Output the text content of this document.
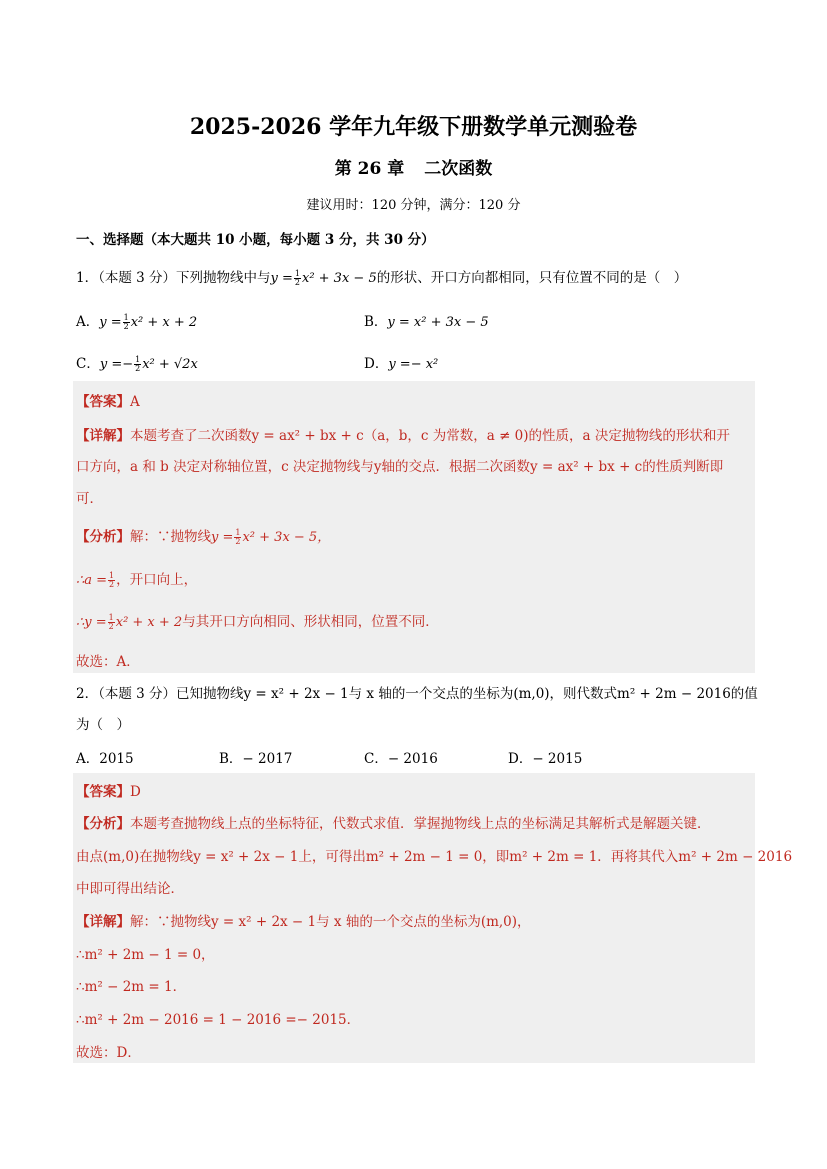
2025-2026 学年九年级下册数学单元测验卷
第 26 章 二次函数
建议用时：120 分钟，满分：120 分
一、选择题（本大题共 10 小题，每小题 3 分，共 30 分）
1．（本题 3 分）下列抛物线中与$y = \frac{1}{2} x^2 + 3x - 5$的形状、开口方向都相同，只有位置不同的是（　）
A．$y = \frac{1}{2} x^2 + x + 2$	B．y = x² + 3x − 5
C．$y =- \frac{1}{2} x^2 + √2x$	D．y =− x²
【答案】A
【详解】本题考查了二次函数y = ax² + bx + c（a，b，c 为常数，a ≠ 0)的性质，a 决定抛物线的形状和开
口方向，a 和 b 决定对称轴位置，c 决定抛物线与y轴的交点．根据二次函数y = ax² + bx + c的性质判断即
可．
【分析】解：∵抛物线$y = \frac{1}{2} x^2 + 3x - 5$，
∴a = $\frac{1}{2}$ ，开口向上，
∴y = $\frac{1}{2} x^2 + x + 2$与其开口方向相同、形状相同，位置不同．
故选：A．
2．（本题 3 分）已知抛物线y = x² + 2x − 1与 x 轴的一个交点的坐标为(m,0)，则代数式m² + 2m − 2016的值
为（　）
A．2015	B．− 2017	C．− 2016	D．− 2015
【答案】D
【分析】本题考查抛物线上点的坐标特征，代数式求值．掌握抛物线上点的坐标满足其解析式是解题关键．
由点(m,0)在抛物线y = x² + 2x − 1上，可得出m² + 2m − 1 = 0，即m² + 2m = 1．再将其代入m² + 2m − 2016
中即可得出结论．
【详解】解：∵抛物线y = x² + 2x − 1与 x 轴的一个交点的坐标为(m,0)，
∴m² + 2m − 1 = 0，
∴m² − 2m = 1．
∴m² + 2m − 2016 = 1 − 2016 =− 2015．
故选：D．
